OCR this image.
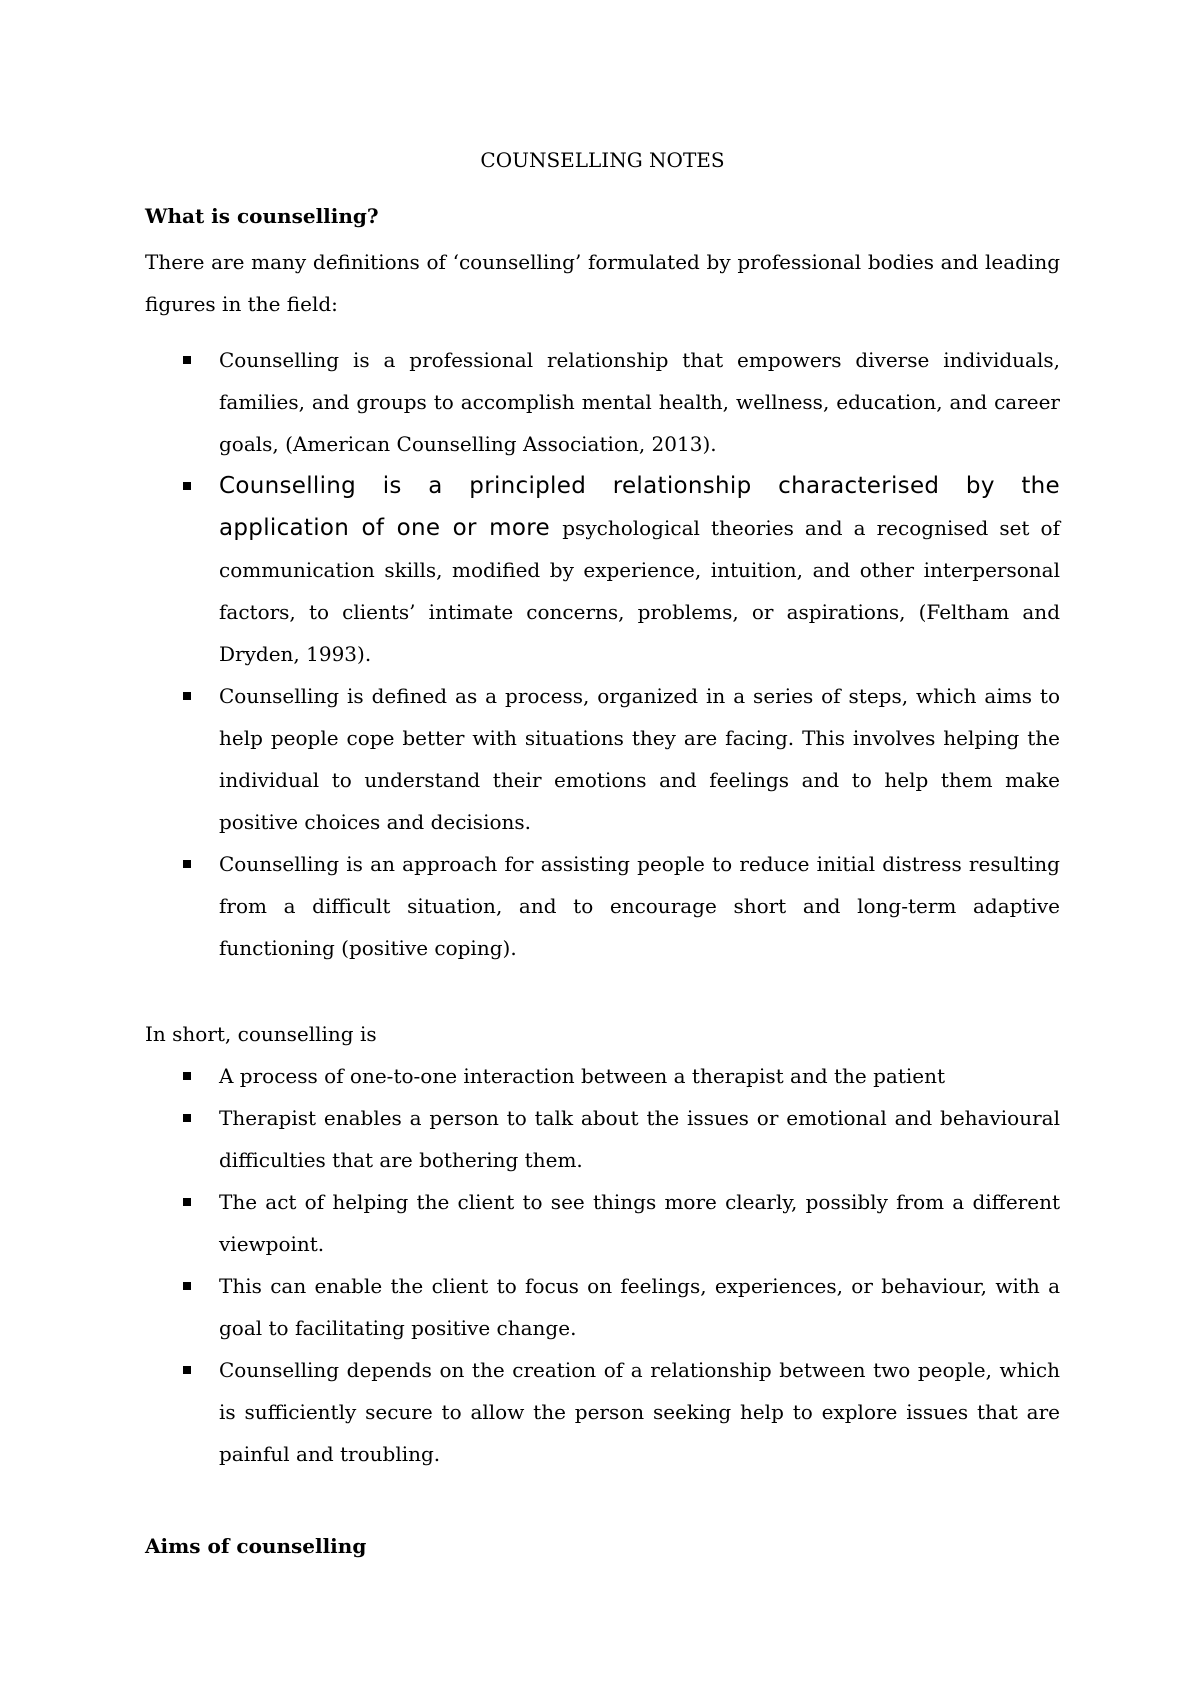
COUNSELLING NOTES
What is counselling?

There are many definitions of ‘counselling’ formulated by professional bodies and leading figures in the field:

Counselling is a professional relationship that empowers diverse individuals, families, and groups to accomplish mental health, wellness, education, and career goals, (American Counselling Association, 2013).
Counselling is a principled relationship characterised by the application of one or more psychological theories and a recognised set of communication skills, modified by experience, intuition, and other interpersonal factors, to clients’ intimate concerns, problems, or aspirations, (Feltham and Dryden, 1993).
Counselling is defined as a process, organized in a series of steps, which aims to help people cope better with situations they are facing. This involves helping the individual to understand their emotions and feelings and to help them make positive choices and decisions.
Counselling is an approach for assisting people to reduce initial distress resulting from a difficult situation, and to encourage short and long-term adaptive functioning (positive coping).

In short, counselling is

A process of one-to-one interaction between a therapist and the patient
Therapist enables a person to talk about the issues or emotional and behavioural difficulties that are bothering them.
The act of helping the client to see things more clearly, possibly from a different viewpoint.
This can enable the client to focus on feelings, experiences, or behaviour, with a goal to facilitating positive change.
Counselling depends on the creation of a relationship between two people, which is sufficiently secure to allow the person seeking help to explore issues that are painful and troubling.
Aims of counselling
